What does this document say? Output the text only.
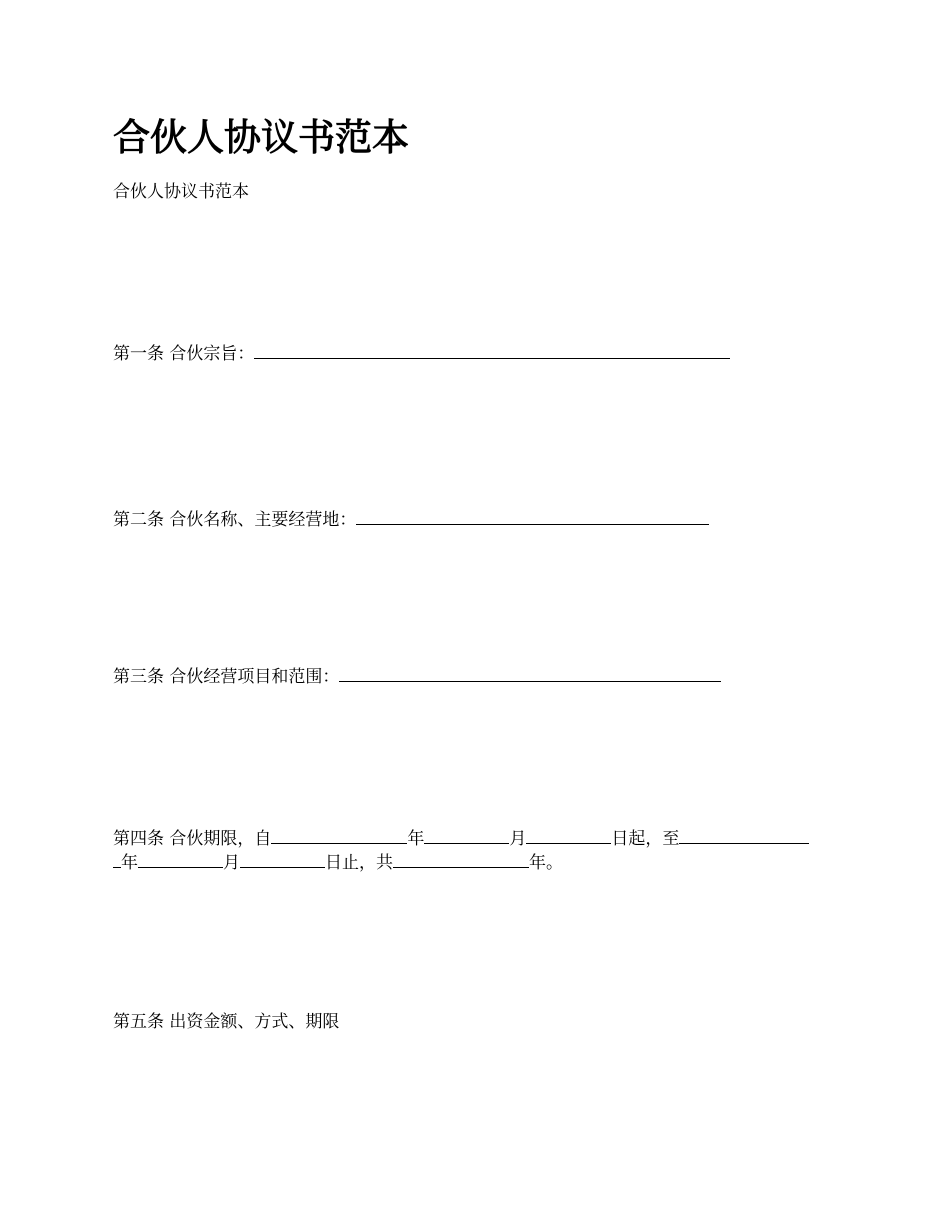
合伙人协议书范本

合伙人协议书范本

第一条 合伙宗旨：

第二条 合伙名称、主要经营地：

第三条 合伙经营项目和范围：

第四条 合伙期限，自	年	月	日起，至
年	月	日止，共	年。

第五条 出资金额、方式、期限
